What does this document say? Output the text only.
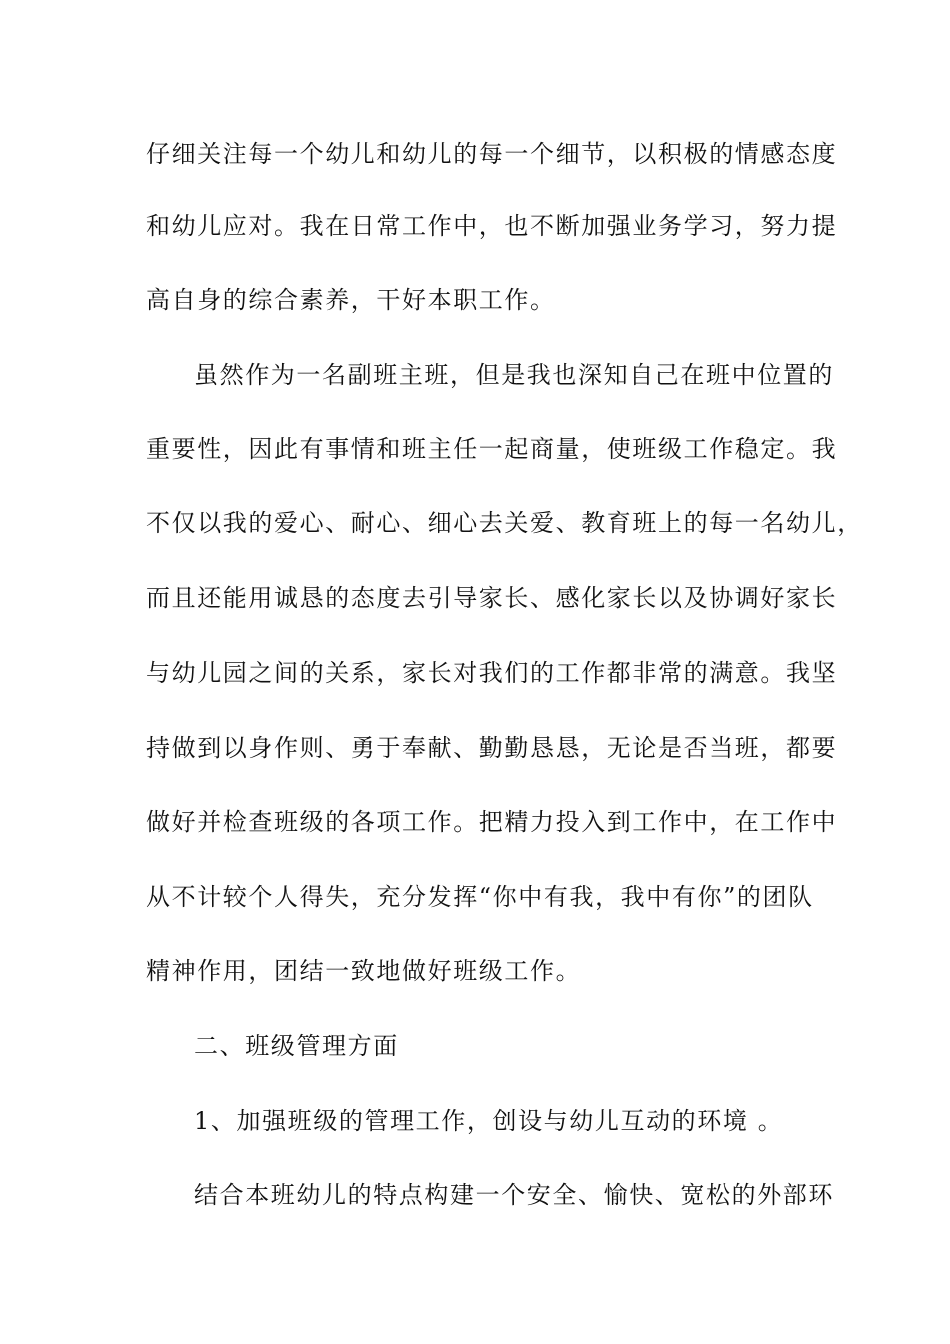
仔细关注每一个幼儿和幼儿的每一个细节，以积极的情感态度
和幼儿应对。我在日常工作中，也不断加强业务学习，努力提
高自身的综合素养，干好本职工作。
虽然作为一名副班主班，但是我也深知自己在班中位置的
重要性，因此有事情和班主任一起商量，使班级工作稳定。我
不仅以我的爱心、耐心、细心去关爱、教育班上的每一名幼儿，
而且还能用诚恳的态度去引导家长、感化家长以及协调好家长
与幼儿园之间的关系，家长对我们的工作都非常的满意。我坚
持做到以身作则、勇于奉献、勤勤恳恳，无论是否当班，都要
做好并检查班级的各项工作。把精力投入到工作中，在工作中
从不计较个人得失，充分发挥“你中有我，我中有你”的团队
精神作用，团结一致地做好班级工作。
二、班级管理方面
1、加强班级的管理工作，创设与幼儿互动的环境 。
结合本班幼儿的特点构建一个安全、愉快、宽松的外部环
